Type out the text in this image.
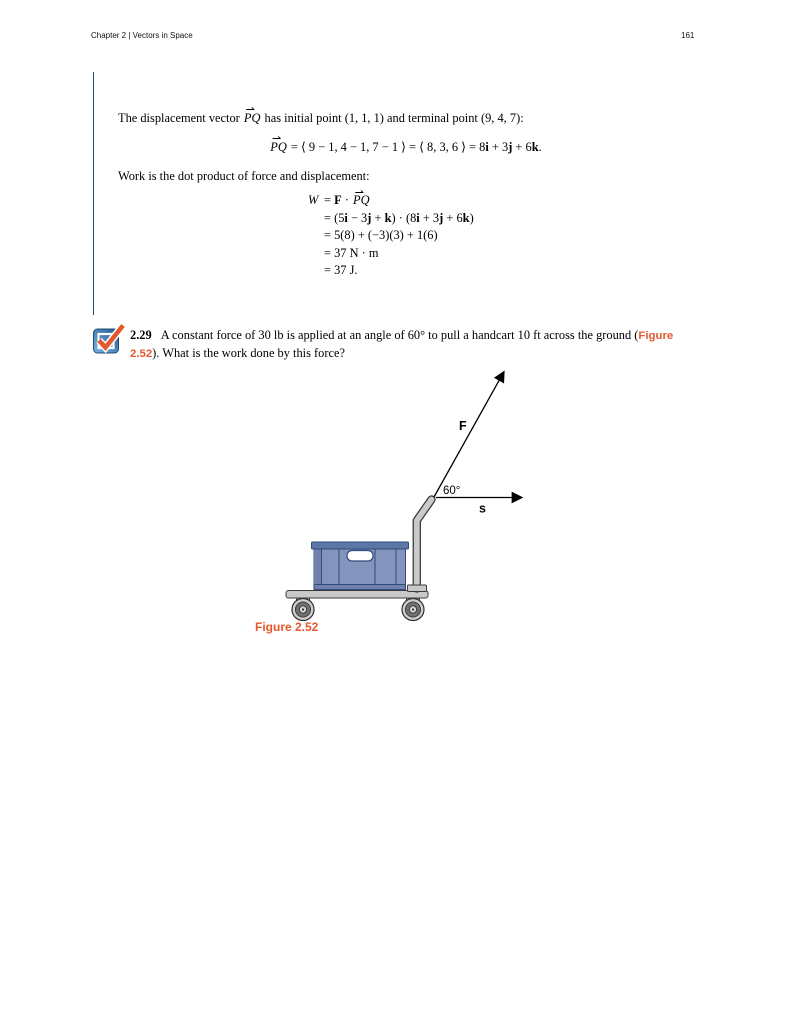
Chapter 2 | Vectors in Space	161
The displacement vector ⇀ PQ has initial point (1, 1, 1) and terminal point (9, 4, 7):
⇀ PQ = ⟨ 9 − 1, 4 − 1, 7 − 1 ⟩ = ⟨ 8, 3, 6 ⟩ = 8i + 3j + 6k.
Work is the dot product of force and displacement:
W = F · ⇀ PQ
= (5i − 3j + k) · (8i + 3j + 6k)
= 5(8) + (−3)(3) + 1(6)
= 37 N · m
= 37 J.
2.29 A constant force of 30 lb is applied at an angle of 60° to pull a handcart 10 ft across the ground (Figure 2.52). What is the work done by this force?
F
60°
s
Figure 2.52
